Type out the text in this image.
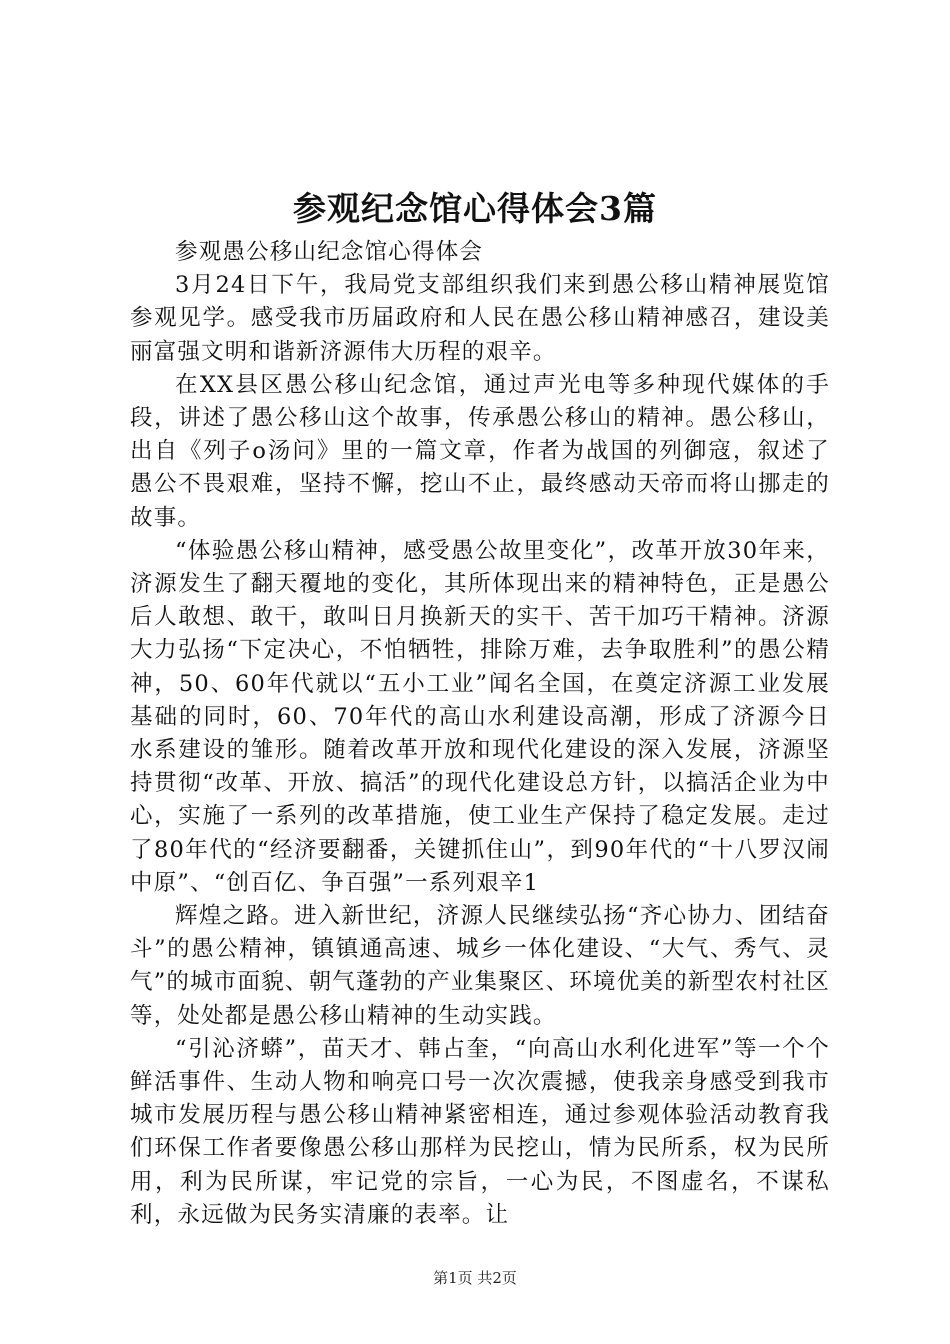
参观纪念馆心得体会3篇

参观愚公移山纪念馆心得体会

3月24日下午，我局党支部组织我们来到愚公移山精神展览馆参观见学。感受我市历届政府和人民在愚公移山精神感召，建设美丽富强文明和谐新济源伟大历程的艰辛。

在XX县区愚公移山纪念馆，通过声光电等多种现代媒体的手段，讲述了愚公移山这个故事，传承愚公移山的精神。愚公移山，出自《列子o汤问》里的一篇文章，作者为战国的列御寇，叙述了愚公不畏艰难，坚持不懈，挖山不止，最终感动天帝而将山挪走的故事。

“体验愚公移山精神，感受愚公故里变化”，改革开放30年来，济源发生了翻天覆地的变化，其所体现出来的精神特色，正是愚公后人敢想、敢干，敢叫日月换新天的实干、苦干加巧干精神。济源大力弘扬“下定决心，不怕牺牲，排除万难，去争取胜利”的愚公精神，50、60年代就以“五小工业”闻名全国，在奠定济源工业发展基础的同时，60、70年代的高山水利建设高潮，形成了济源今日水系建设的雏形。随着改革开放和现代化建设的深入发展，济源坚持贯彻“改革、开放、搞活”的现代化建设总方针，以搞活企业为中心，实施了一系列的改革措施，使工业生产保持了稳定发展。走过了80年代的“经济要翻番，关键抓住山”，到90年代的“十八罗汉闹中原”、“创百亿、争百强”一系列艰辛1

辉煌之路。进入新世纪，济源人民继续弘扬“齐心协力、团结奋斗”的愚公精神，镇镇通高速、城乡一体化建设、“大气、秀气、灵气”的城市面貌、朝气蓬勃的产业集聚区、环境优美的新型农村社区等，处处都是愚公移山精神的生动实践。

“引沁济蟒”，苗天才、韩占奎，“向高山水利化进军”等一个个鲜活事件、生动人物和响亮口号一次次震撼，使我亲身感受到我市城市发展历程与愚公移山精神紧密相连，通过参观体验活动教育我们环保工作者要像愚公移山那样为民挖山，情为民所系，权为民所用，利为民所谋，牢记党的宗旨，一心为民，不图虚名，不谋私利，永远做为民务实清廉的表率。让

第1页 共2页
